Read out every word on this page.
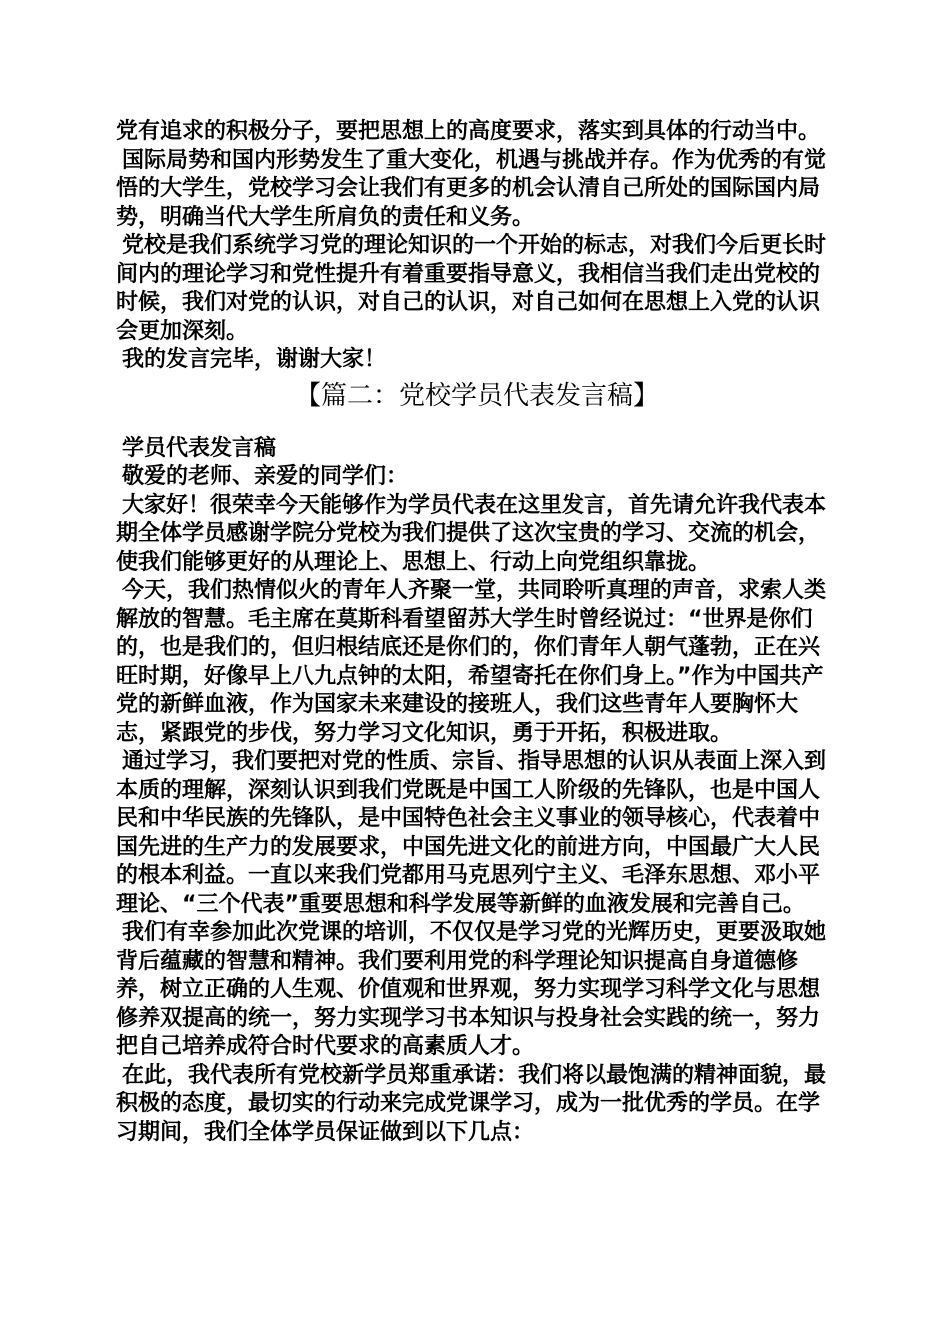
党有追求的积极分子，要把思想上的高度要求，落实到具体的行动当中。

国际局势和国内形势发生了重大变化，机遇与挑战并存。作为优秀的有觉悟的大学生，党校学习会让我们有更多的机会认清自己所处的国际国内局势，明确当代大学生所肩负的责任和义务。

党校是我们系统学习党的理论知识的一个开始的标志，对我们今后更长时间内的理论学习和党性提升有着重要指导意义，我相信当我们走出党校的时候，我们对党的认识，对自己的认识，对自己如何在思想上入党的认识会更加深刻。

我的发言完毕，谢谢大家！

【篇二：党校学员代表发言稿】

学员代表发言稿

敬爱的老师、亲爱的同学们：

大家好！很荣幸今天能够作为学员代表在这里发言，首先请允许我代表本期全体学员感谢学院分党校为我们提供了这次宝贵的学习、交流的机会，使我们能够更好的从理论上、思想上、行动上向党组织靠拢。

今天，我们热情似火的青年人齐聚一堂，共同聆听真理的声音，求索人类解放的智慧。毛主席在莫斯科看望留苏大学生时曾经说过：“世界是你们的，也是我们的，但归根结底还是你们的，你们青年人朝气蓬勃，正在兴旺时期，好像早上八九点钟的太阳，希望寄托在你们身上。”作为中国共产党的新鲜血液，作为国家未来建设的接班人，我们这些青年人要胸怀大志，紧跟党的步伐，努力学习文化知识，勇于开拓，积极进取。

通过学习，我们要把对党的性质、宗旨、指导思想的认识从表面上深入到本质的理解，深刻认识到我们党既是中国工人阶级的先锋队，也是中国人民和中华民族的先锋队，是中国特色社会主义事业的领导核心，代表着中国先进的生产力的发展要求，中国先进文化的前进方向，中国最广大人民的根本利益。一直以来我们党都用马克思列宁主义、毛泽东思想、邓小平理论、“三个代表”重要思想和科学发展等新鲜的血液发展和完善自己。

我们有幸参加此次党课的培训，不仅仅是学习党的光辉历史，更要汲取她背后蕴藏的智慧和精神。我们要利用党的科学理论知识提高自身道德修养，树立正确的人生观、价值观和世界观，努力实现学习科学文化与思想修养双提高的统一，努力实现学习书本知识与投身社会实践的统一，努力把自己培养成符合时代要求的高素质人才。

在此，我代表所有党校新学员郑重承诺：我们将以最饱满的精神面貌，最积极的态度，最切实的行动来完成党课学习，成为一批优秀的学员。在学习期间，我们全体学员保证做到以下几点：
